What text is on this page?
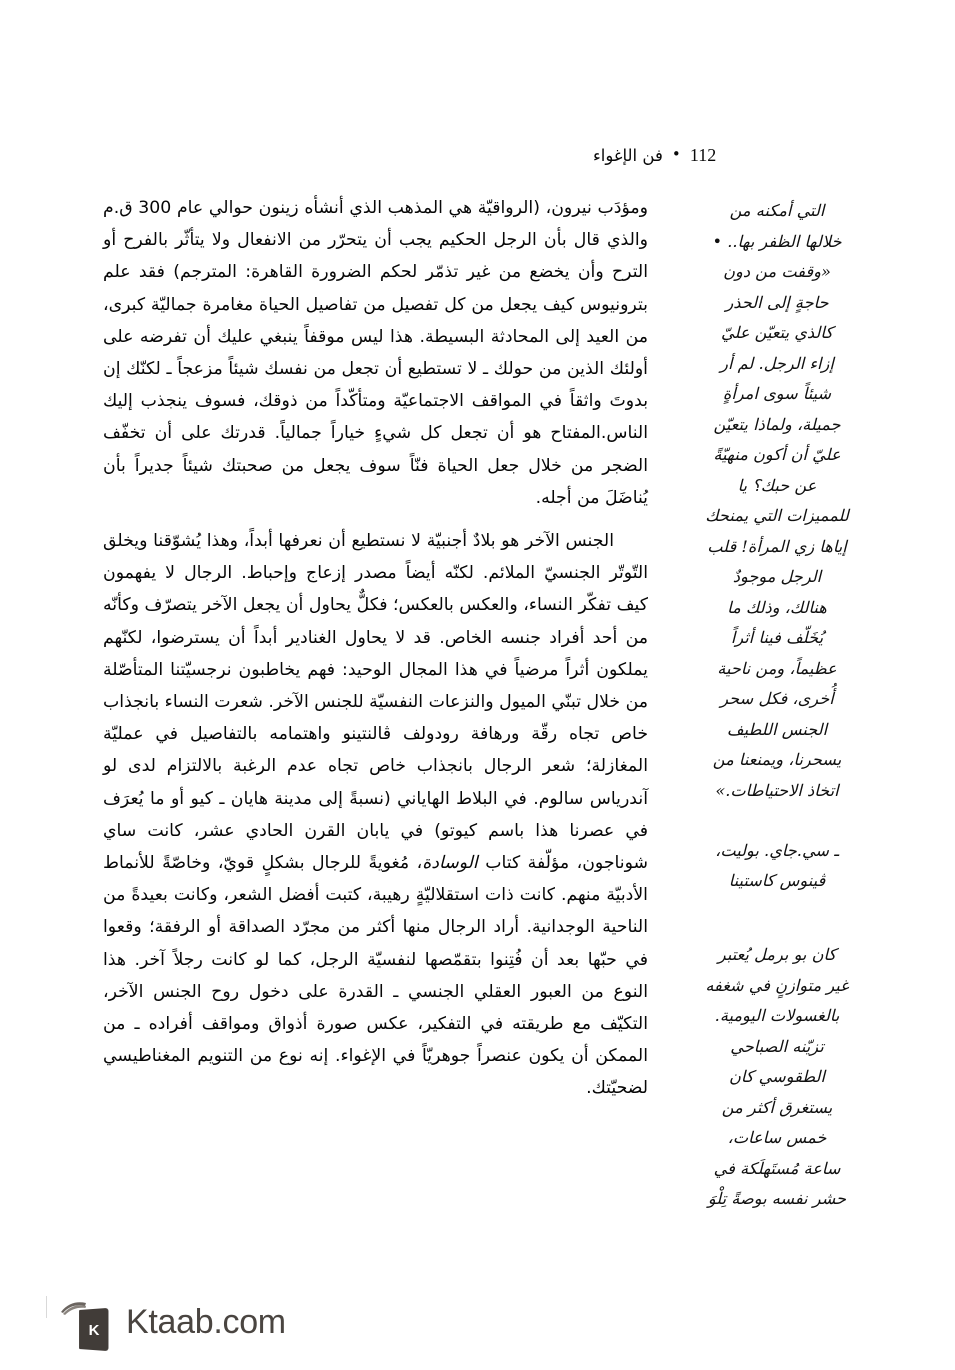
112•فن الإغواء

ومؤدَب نيرون، (الرواقيّة هي المذهب الذي أنشأه زينون حوالي عام 300 ق.م والذي قال بأن الرجل الحكيم يجب أن يتحرّر من الانفعال ولا يتأثّر بالفرح أو الترح وأن يخضع من غير تذمّر لحكم الضرورة القاهرة: المترجم) فقد علم بترونيوس كيف يجعل من كل تفصيل من تفاصيل الحياة مغامرة جماليّة كبرى، من العيد إلى المحادثة البسيطة. هذا ليس موقفاً ينبغي عليك أن تفرضه على أولئك الذين من حولك ـ لا تستطيع أن تجعل من نفسك شيئاً مزعجاً ـ لكنّك إن بدوتَ واثقاً في المواقف الاجتماعيّة ومتأكّداً من ذوقك، فسوف ينجذب إليك الناس.المفتاح هو أن تجعل كل شيءٍ خياراً جمالياً. قدرتك على أن تخفّف الضجر من خلال جعل الحياة فنّاً سوف يجعل من صحبتك شيئاً جديراً بأن يُناضَلَ من أجله.

الجنس الآخر هو بلادٌ أجنبيّة لا نستطيع أن نعرفها أبداً، وهذا يُشوّقنا ويخلق التّوتّر الجنسيّ الملائم. لكنّه أيضاً مصدر إزعاج وإحباط. الرجال لا يفهمون كيف تفكّر النساء، والعكس بالعكس؛ فكلٌّ يحاول أن يجعل الآخر يتصرّف وكأنّه من أحد أفراد جنسه الخاص. قد لا يحاول الغنادير أبداً أن يسترضوا، لكنّهم يملكون أثراً مرضياً في هذا المجال الوحيد: فهم يخاطبون نرجسيّتنا المتأصّلة من خلال تبنّي الميول والنزعات النفسيّة للجنس الآخر. شعرت النساء بانجذاب خاص تجاه رقّة ورهافة رودولف ڤالنتينو واهتمامه بالتفاصيل في عمليّة المغازلة؛ شعر الرجال بانجذاب خاص تجاه عدم الرغبة بالالتزام لدى لو آندرياس سالوم. في البلاط الهاياني (نسبةً إلى مدينة هايان ـ كيو أو ما يُعرَف في عصرنا هذا باسم كيوتو) في يابان القرن الحادي عشر، كانت ساي شوناجون، مؤلّفة كتاب الوسادة، مُغويةً للرجال بشكلٍ قويّ، وخاصّةً للأنماط الأدبيّة منهم. كانت ذات استقلاليّةٍ رهيبة، كتبت أفضل الشعر، وكانت بعيدةً من الناحية الوجدانية. أراد الرجال منها أكثر من مجرّد الصداقة أو الرفقة؛ وقعوا في حبّها بعد أن فُتِنوا بتقمّصها لنفسيّة الرجل، كما لو كانت رجلاً آخر. هذا النوع من العبور العقلي الجنسي ـ القدرة على دخول روح الجنس الآخر، التكيّف مع طريقته في التفكير، عكس صورة أذواق ومواقف أفراده ـ من الممكن أن يكون عنصراً جوهريّاً في الإغواء. إنه نوع من التنويم المغناطيسي لضحيّتك.

التي أمكنه من
خلالها الظفر بها.. •
«وقفت من دون
حاجةٍ إلى الحذر
كالذي يتعيّن عليّ
إزاء الرجل. لم أر
شيئاً سوى امرأةٍ
جميلة، ولماذا يتعيّن
عليّ أن أكون منهيّةً
عن حبك؟ يا
للمميزات التي يمنحك
إياها زي المرأة! قلب
الرجل موجودٌ
هنالك، وذلك ما
يُخَلّف فينا أثراً
عظيماً، ومن ناحية
أُخرى، فكل سحر
الجنس اللطيف
يسحرنا، ويمنعنا من
اتخاذ الاحتياطات.»
ـ سي.جاي. بوليت،
ڤينوس كاستينا
كان بو برمل يُعتبر
غير متوازنٍ في شغفه
بالغسولات اليومية.
تزيّنه الصباحي
الطقوسي كان
يستغرق أكثر من
خمس ساعات،
ساعة مُستَهلَكة في
حشر نفسه بوصةً تِلْوَ
K Ktaab.com
